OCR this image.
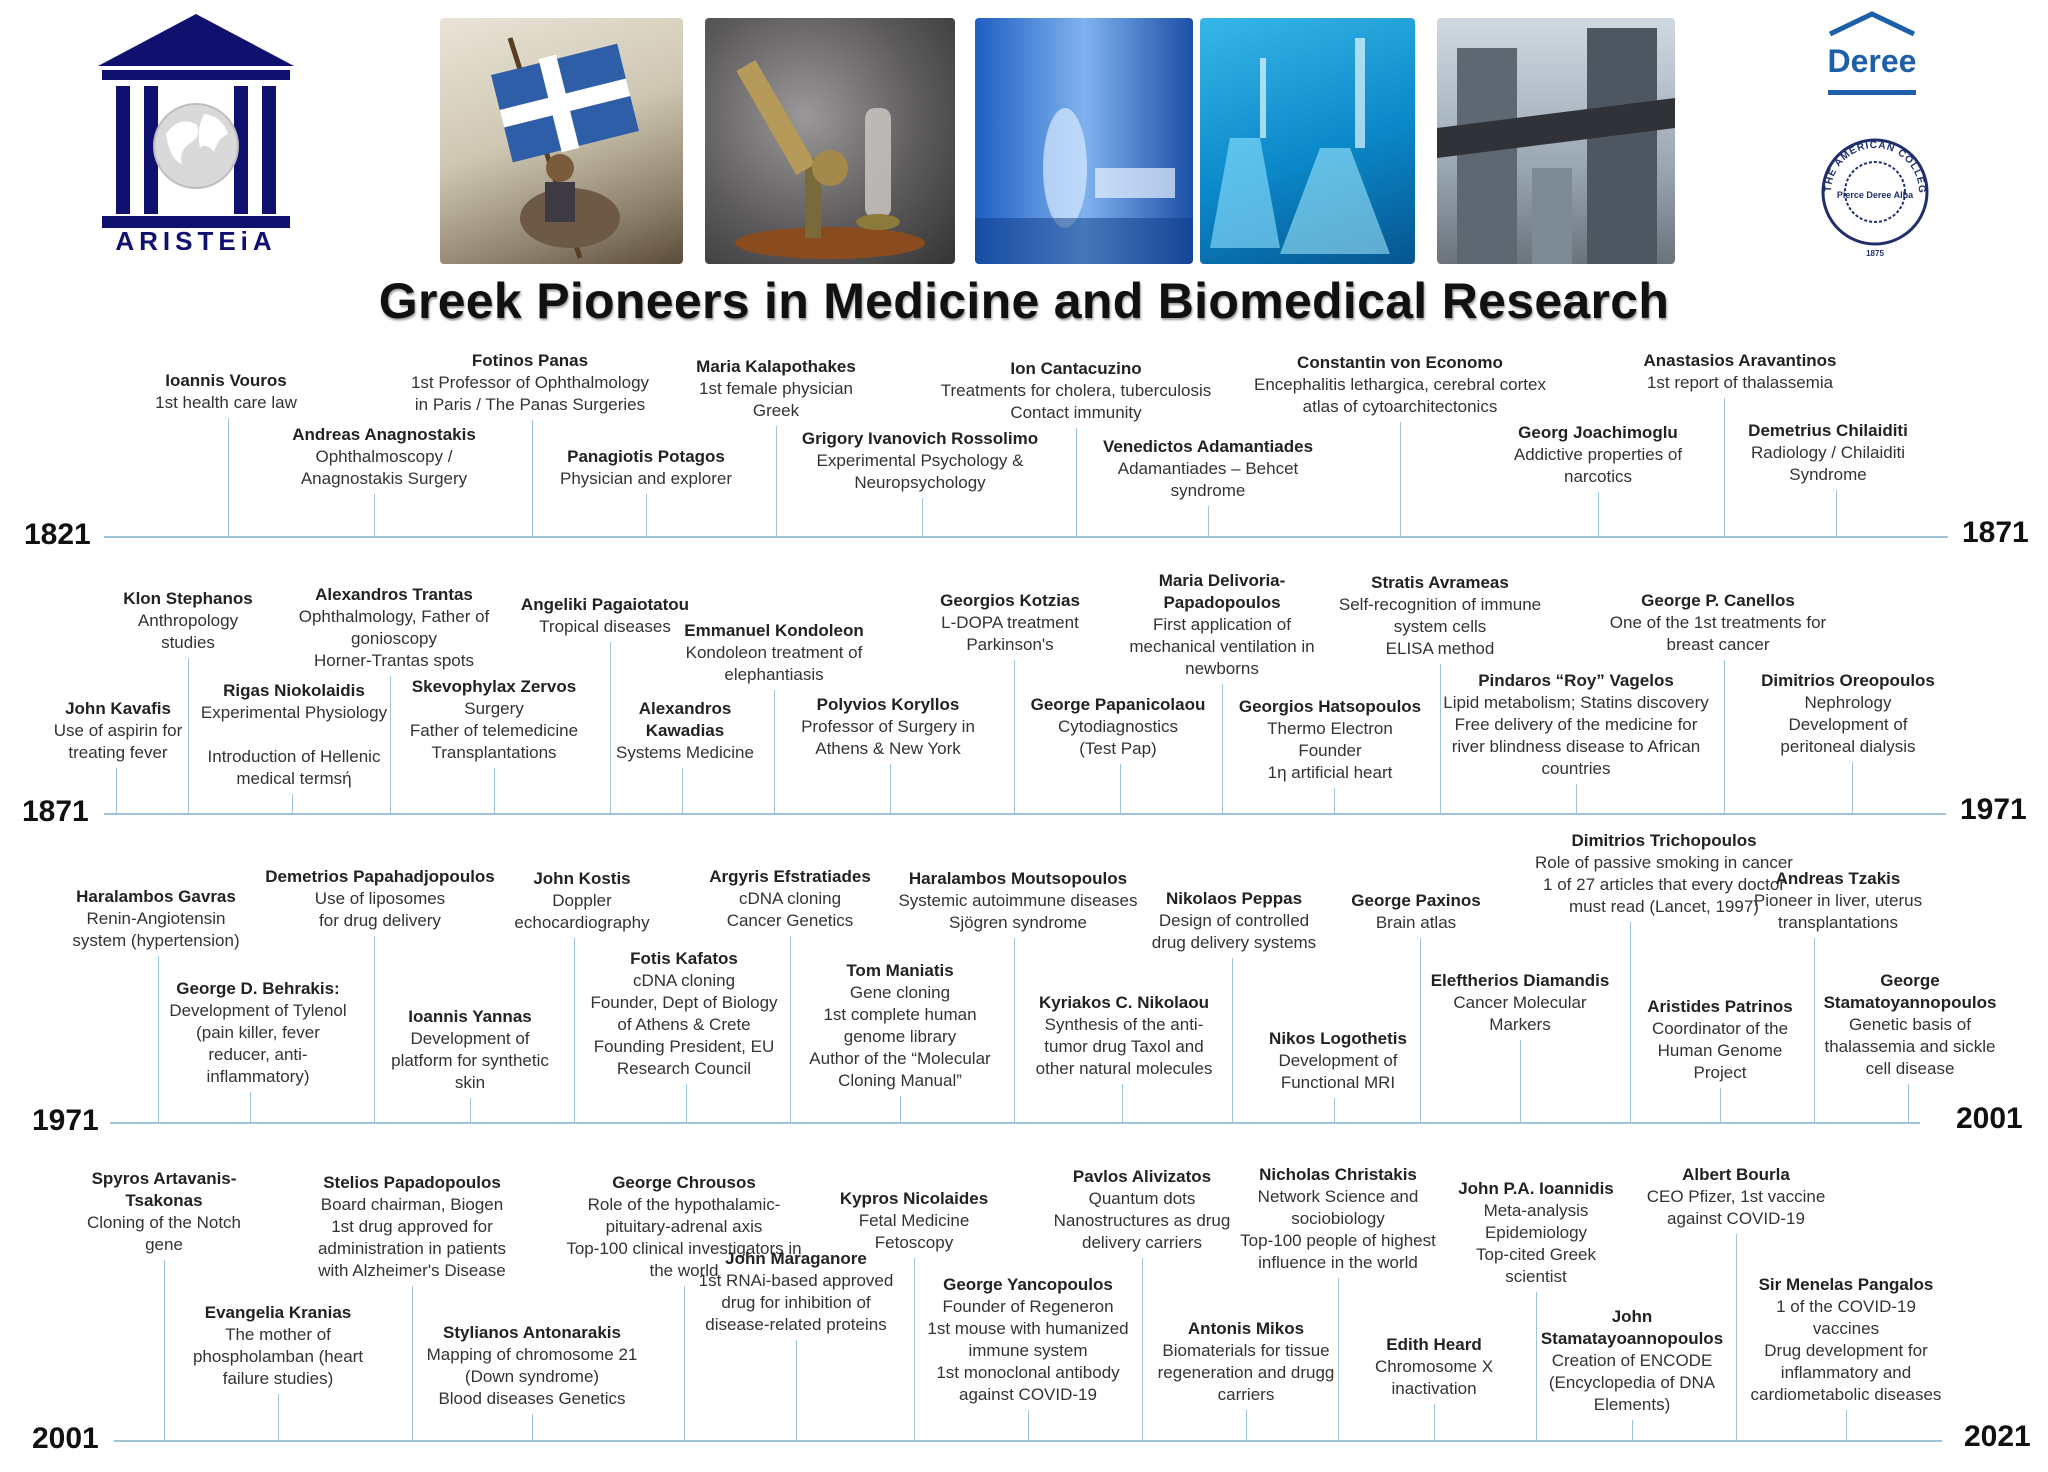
ARISTEiA
Deree
THE AMERICAN COLLEG
Pierce Deree Alba
1875
Greek Pioneers in Medicine and Biomedical Research
1821	1871
Ioannis Vouros
1st health care law
Andreas Anagnostakis
Ophthalmoscopy /
Anagnostakis Surgery
Fotinos Panas
1st Professor of Ophthalmology
in Paris / The Panas Surgeries
Panagiotis Potagos
Physician and explorer
Maria Kalapothakes
1st female physician
Greek
Grigory Ivanovich Rossolimo
Experimental Psychology &
Neuropsychology
Ion Cantacuzino
Treatments for cholera, tuberculosis
Contact immunity
Venedictos Adamantiades
Adamantiades – Behcet
syndrome
Constantin von Economo
Encephalitis lethargica, cerebral cortex
atlas of cytoarchitectonics
Georg Joachimoglu
Addictive properties of
narcotics
Anastasios Aravantinos
1st report of thalassemia
Demetrius Chilaiditi
Radiology / Chilaiditi
Syndrome
1871	1971
John Kavafis
Use of aspirin for
treating fever
Klon Stephanos
Anthropology
studies
Rigas Niokolaidis
Experimental Physiology

Introduction of Hellenic
medical termsή
Alexandros Trantas
Ophthalmology, Father of
gonioscopy
Horner-Trantas spots
Skevophylax Zervos
Surgery
Father of telemedicine
Transplantations
Angeliki Pagaiotatou
Tropical diseases
Alexandros
Kawadias
Systems Medicine
Emmanuel Kondoleon
Kondoleon treatment of
elephantiasis
Polyvios Koryllos
Professor of Surgery in
Athens & New York
Georgios Kotzias
L-DOPA treatment
Parkinson's
George Papanicolaou
Cytodiagnostics
(Test Pap)
Maria Delivoria-
Papadopoulos
First application of
mechanical ventilation in
newborns
Georgios Hatsopoulos
Thermo Electron
Founder
1η artificial heart
Stratis Avrameas
Self-recognition of immune
system cells
ELISA method
Pindaros “Roy” Vagelos
Lipid metabolism; Statins discovery
Free delivery of the medicine for
river blindness disease to African
countries
George P. Canellos
One of the 1st treatments for
breast cancer
Dimitrios Oreopoulos
Nephrology
Development of
peritoneal dialysis
1971	2001
Haralambos Gavras
Renin-Angiotensin
system (hypertension)
George D. Behrakis:
Development of Tylenol
(pain killer, fever
reducer, anti-
inflammatory)
Demetrios Papahadjopoulos
Use of liposomes
for drug delivery
Ioannis Yannas
Development of
platform for synthetic
skin
John Kostis
Doppler
echocardiography
Argyris Efstratiades
cDNA cloning
Cancer Genetics
Fotis Kafatos
cDNA cloning
Founder, Dept of Biology
of Athens & Crete
Founding President, EU
Research Council
Tom Maniatis
Gene cloning
1st complete human
genome library
Author of the “Molecular
Cloning Manual”
Haralambos Moutsopoulos
Systemic autoimmune diseases
Sjögren syndrome
Kyriakos C. Nikolaou
Synthesis of the anti-
tumor drug Taxol and
other natural molecules
Nikolaos Peppas
Design of controlled
drug delivery systems
Nikos Logothetis
Development of
Functional MRI
George Paxinos
Brain atlas
Eleftherios Diamandis
Cancer Molecular
Markers
Dimitrios Trichopoulos
Role of passive smoking in cancer
1 of 27 articles that every doctor
must read (Lancet, 1997)
Aristides Patrinos
Coordinator of the
Human Genome
Project
Andreas Tzakis
Pioneer in liver, uterus
transplantations
George
Stamatoyannopoulos
Genetic basis of
thalassemia and sickle
cell disease
2001	2021
Spyros Artavanis-
Tsakonas
Cloning of the Notch
gene
Evangelia Kranias
The mother of
phospholamban (heart
failure studies)
Stelios Papadopoulos
Board chairman, Biogen
1st drug approved for
administration in patients
with Alzheimer's Disease
Stylianos Antonarakis
Mapping of chromosome 21
(Down syndrome)
Blood diseases Genetics
George Chrousos
Role of the hypothalamic-
pituitary-adrenal axis
Top-100 clinical investigators in
the world
John Maraganore
1st RNAi-based approved
drug for inhibition of
disease-related proteins
Kypros Nicolaides
Fetal Medicine
Fetoscopy
George Yancopoulos
Founder of Regeneron
1st mouse with humanized
immune system
1st monoclonal antibody
against COVID-19
Pavlos Alivizatos
Quantum dots
Nanostructures as drug
delivery carriers
Antonis Mikos
Biomaterials for tissue
regeneration and drugg
carriers
Nicholas Christakis
Network Science and
sociobiology
Top-100 people of highest
influence in the world
Edith Heard
Chromosome X
inactivation
John P.A. Ioannidis
Meta-analysis
Epidemiology
Top-cited Greek
scientist
John
Stamatayoannopoulos
Creation of ENCODE
(Encyclopedia of DNA
Elements)
Albert Bourla
CEO Pfizer, 1st vaccine
against COVID-19
Sir Menelas Pangalos
1 of the COVID-19
vaccines
Drug development for
inflammatory and
cardiometabolic diseases
